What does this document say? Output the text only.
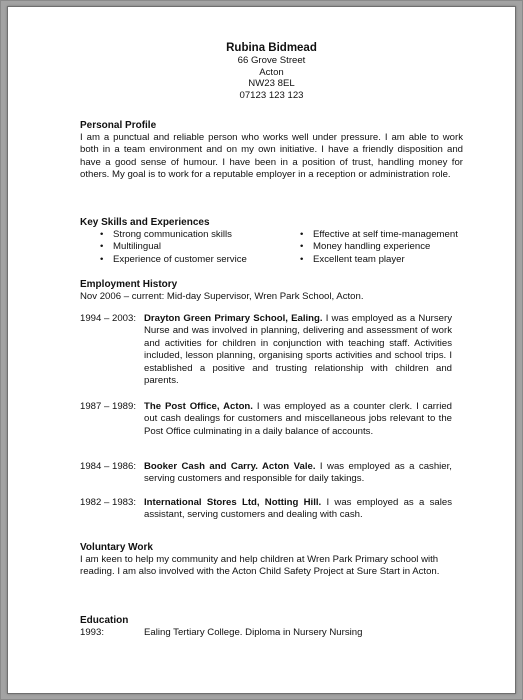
Rubina Bidmead
66 Grove Street
Acton
NW23 8EL
07123 123 123
Personal Profile

I am a punctual and reliable person who works well under pressure. I am able to work both in a team environment and on my own initiative. I have a friendly disposition and have a good sense of humour. I have been in a position of trust, handling money for others. My goal is to work for a reputable employer in a reception or administration role.

Key Skills and Experiences
• Strong communication skills
• Multilingual
• Experience of customer service
• Effective at self time-management
• Money handling experience
• Excellent team player
Employment History

Nov 2006 – current: Mid-day Supervisor, Wren Park School, Acton.

1994 – 2003: Drayton Green Primary School, Ealing. I was employed as a Nursery Nurse and was involved in planning, delivering and assessment of work and activities for children in conjunction with teaching staff. Activities included, lesson planning, organising sports activities and school trips. I established a positive and trusting relationship with children and parents.
1987 – 1989: The Post Office, Acton. I was employed as a counter clerk. I carried out cash dealings for customers and miscellaneous jobs relevant to the Post Office culminating in a daily balance of accounts.
1984 – 1986: Booker Cash and Carry. Acton Vale. I was employed as a cashier, serving customers and responsible for daily takings.
1982 – 1983: International Stores Ltd, Notting Hill. I was employed as a sales assistant, serving customers and dealing with cash.
Voluntary Work

I am keen to help my community and help children at Wren Park Primary school with reading. I am also involved with the Acton Child Safety Project at Sure Start in Acton.

Education
1993:	Ealing Tertiary College. Diploma in Nursery Nursing
